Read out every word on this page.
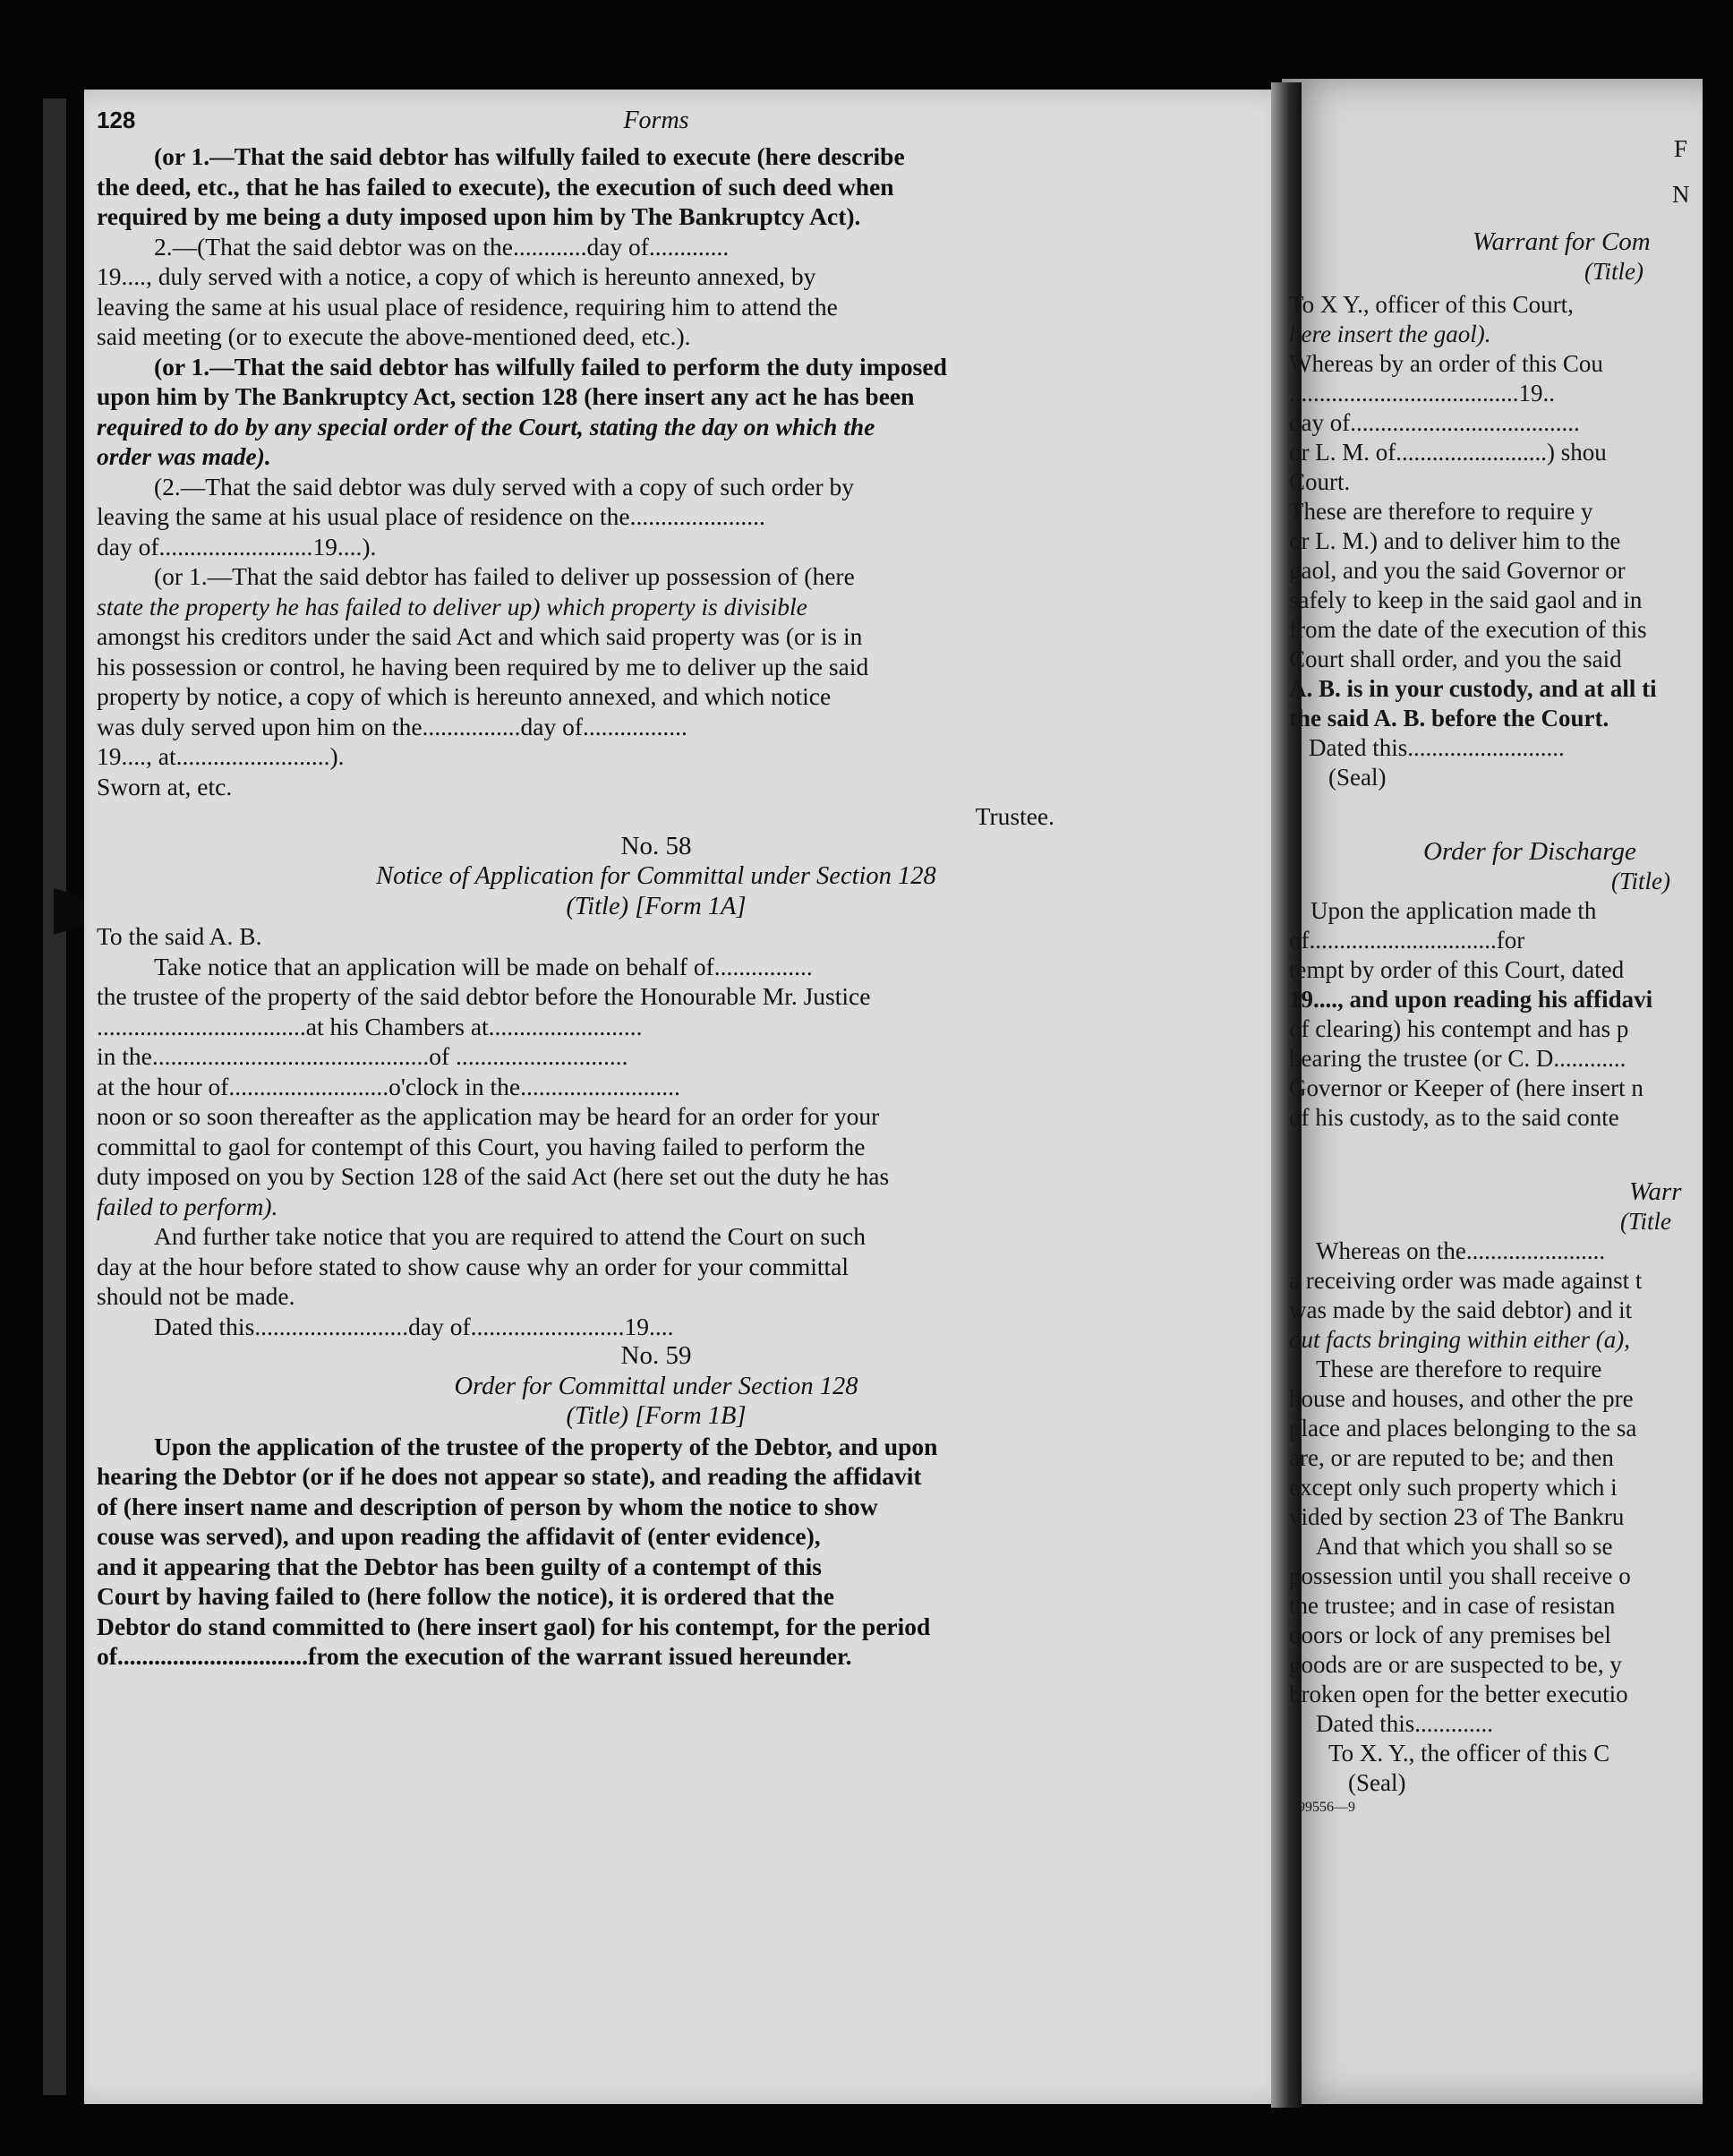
128	Forms

(or 1.—That the said debtor has wilfully failed to execute (here describe

the deed, etc., that he has failed to execute), the execution of such deed when

required by me being a duty imposed upon him by The Bankruptcy Act).

2.—(That the said debtor was on the............day of.............

19...., duly served with a notice, a copy of which is hereunto annexed, by

leaving the same at his usual place of residence, requiring him to attend the

said meeting (or to execute the above-mentioned deed, etc.).

(or 1.—That the said debtor has wilfully failed to perform the duty imposed

upon him by The Bankruptcy Act, section 128 (here insert any act he has been

required to do by any special order of the Court, stating the day on which the

order was made).

(2.—That the said debtor was duly served with a copy of such order by

leaving the same at his usual place of residence on the......................

day of.........................19....).

(or 1.—That the said debtor has failed to deliver up possession of (here

state the property he has failed to deliver up) which property is divisible

amongst his creditors under the said Act and which said property was (or is in

his possession or control, he having been required by me to deliver up the said

property by notice, a copy of which is hereunto annexed, and which notice

was duly served upon him on the................day of.................

19...., at.........................).

Sworn at, etc.

Trustee.

No. 58

Notice of Application for Committal under Section 128

(Title) [Form 1A]

To the said A. B.

Take notice that an application will be made on behalf of................

the trustee of the property of the said debtor before the Honourable Mr. Justice

..................................at his Chambers at.........................

in the.............................................of ............................

at the hour of..........................o'clock in the..........................

noon or so soon thereafter as the application may be heard for an order for your

committal to gaol for contempt of this Court, you having failed to perform the

duty imposed on you by Section 128 of the said Act (here set out the duty he has

failed to perform).

And further take notice that you are required to attend the Court on such

day at the hour before stated to show cause why an order for your committal

should not be made.

Dated this.........................day of.........................19....

No. 59

Order for Committal under Section 128

(Title) [Form 1B]

Upon the application of the trustee of the property of the Debtor, and upon

hearing the Debtor (or if he does not appear so state), and reading the affidavit

of (here insert name and description of person by whom the notice to show

couse was served), and upon reading the affidavit of (enter evidence),

and it appearing that the Debtor has been guilty of a contempt of this

Court by having failed to (here follow the notice), it is ordered that the

Debtor do stand committed to (here insert gaol) for his contempt, for the period

of...............................from the execution of the warrant issued hereunder.

F

N

Warrant for Com

(Title)

To X Y., officer of this Court,

here insert the gaol).

Whereas by an order of this Cou

......................................19..

day of......................................

or L. M. of.........................) shou

Court.

These are therefore to require y

or L. M.) and to deliver him to the

gaol, and you the said Governor or

safely to keep in the said gaol and in

from the date of the execution of this

Court shall order, and you the said

A. B. is in your custody, and at all ti

the said A. B. before the Court.

Dated this..........................

(Seal)

Order for Discharge

(Title)

Upon the application made th

of...............................for

tempt by order of this Court, dated

19...., and upon reading his affidavi

of clearing) his contempt and has p

hearing the trustee (or C. D............

Governor or Keeper of (here insert n

of his custody, as to the said conte

Warr

(Title

Whereas on the.......................

a receiving order was made against t

was made by the said debtor) and it

out facts bringing within either (a),

These are therefore to require

house and houses, and other the pre

place and places belonging to the sa

are, or are reputed to be; and then

except only such property which i

vided by section 23 of The Bankru

And that which you shall so se

possession until you shall receive o

the trustee; and in case of resistan

doors or lock of any premises bel

goods are or are suspected to be, y

broken open for the better executio

Dated this.............

To X. Y., the officer of this C

(Seal)

99556—9
